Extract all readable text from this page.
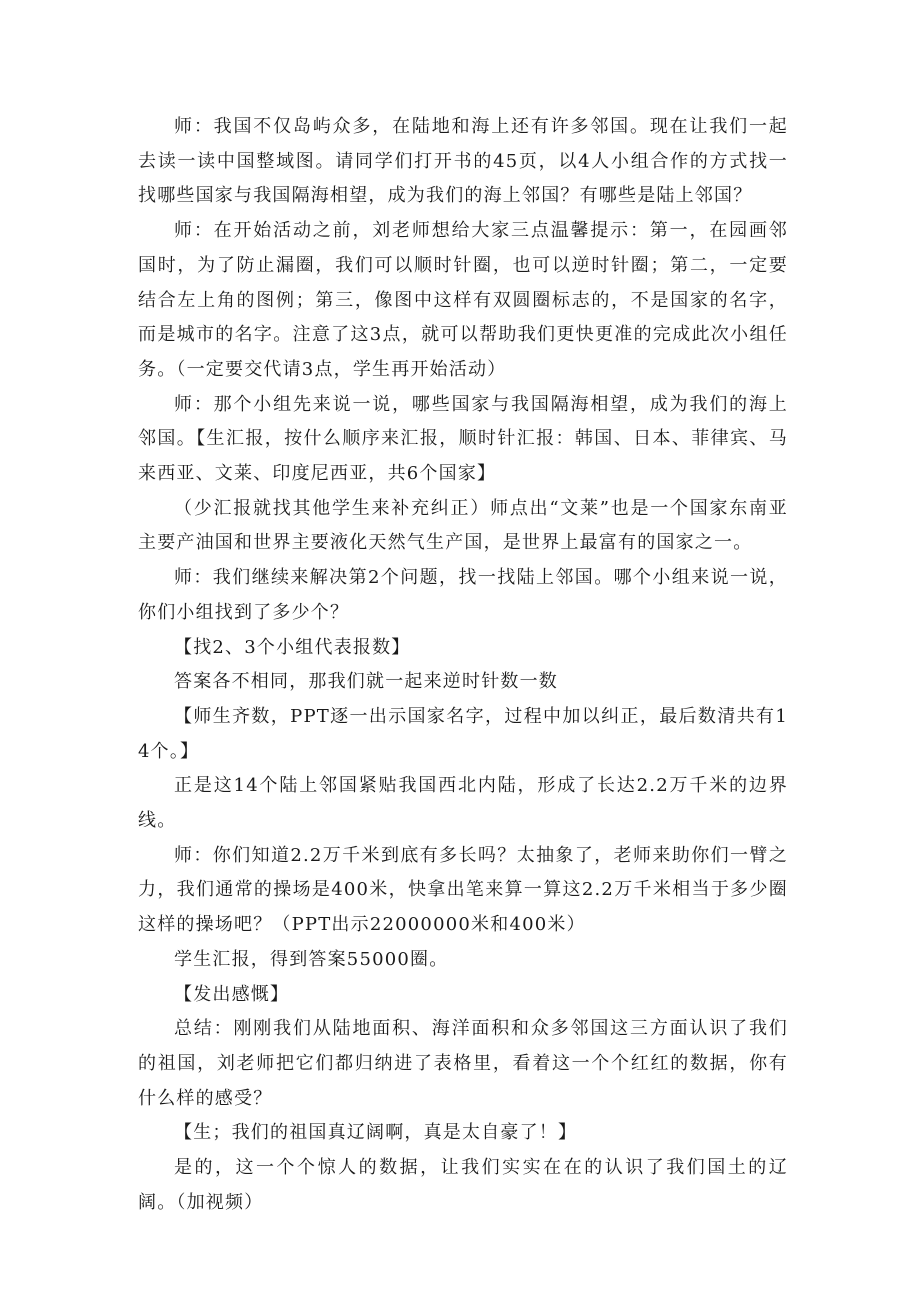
师：我国不仅岛屿众多，在陆地和海上还有许多邻国。现在让我们一起去读一读中国整域图。请同学们打开书的45页，以4人小组合作的方式找一找哪些国家与我国隔海相望，成为我们的海上邻国？有哪些是陆上邻国？

师：在开始活动之前，刘老师想给大家三点温馨提示：第一，在园画邻国时，为了防止漏圈，我们可以顺时针圈，也可以逆时针圈；第二，一定要结合左上角的图例；第三，像图中这样有双圆圈标志的，不是国家的名字，而是城市的名字。注意了这3点，就可以帮助我们更快更准的完成此次小组任务。（一定要交代请3点，学生再开始活动）

师：那个小组先来说一说，哪些国家与我国隔海相望，成为我们的海上邻国。【生汇报，按什么顺序来汇报，顺时针汇报：韩国、日本、菲律宾、马来西亚、文莱、印度尼西亚，共6个国家】

（少汇报就找其他学生来补充纠正）师点出“文莱”也是一个国家东南亚主要产油国和世界主要液化天然气生产国，是世界上最富有的国家之一。

师：我们继续来解决第2个问题，找一找陆上邻国。哪个小组来说一说，你们小组找到了多少个？

【找2、3个小组代表报数】

答案各不相同，那我们就一起来逆时针数一数

【师生齐数，PPT逐一出示国家名字，过程中加以纠正，最后数清共有14个。】

正是这14个陆上邻国紧贴我国西北内陆，形成了长达2.2万千米的边界线。

师：你们知道2.2万千米到底有多长吗？太抽象了，老师来助你们一臂之力，我们通常的操场是400米，快拿出笔来算一算这2.2万千米相当于多少圈这样的操场吧？（PPT出示22000000米和400米）

学生汇报，得到答案55000圈。

【发出感慨】

总结：刚刚我们从陆地面积、海洋面积和众多邻国这三方面认识了我们的祖国，刘老师把它们都归纳进了表格里，看着这一个个红红的数据，你有什么样的感受？

【生；我们的祖国真辽阔啊，真是太自豪了！】

是的，这一个个惊人的数据，让我们实实在在的认识了我们国土的辽阔。（加视频）
